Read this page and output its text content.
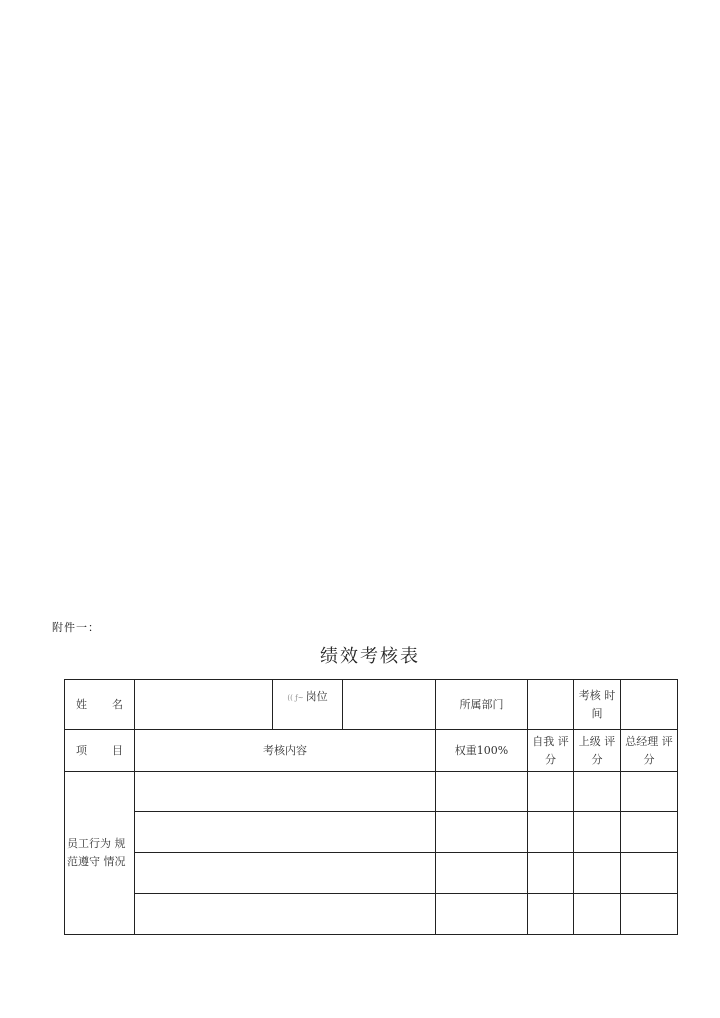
附件一：
绩效考核表
姓　　名		(( ƒ~ 岗位		所属部门		考核 时间	
项　　目	考核内容			权重100%	自我 评分	上级 评分	总经理 评分
员工行为 规范遵守 情况							
